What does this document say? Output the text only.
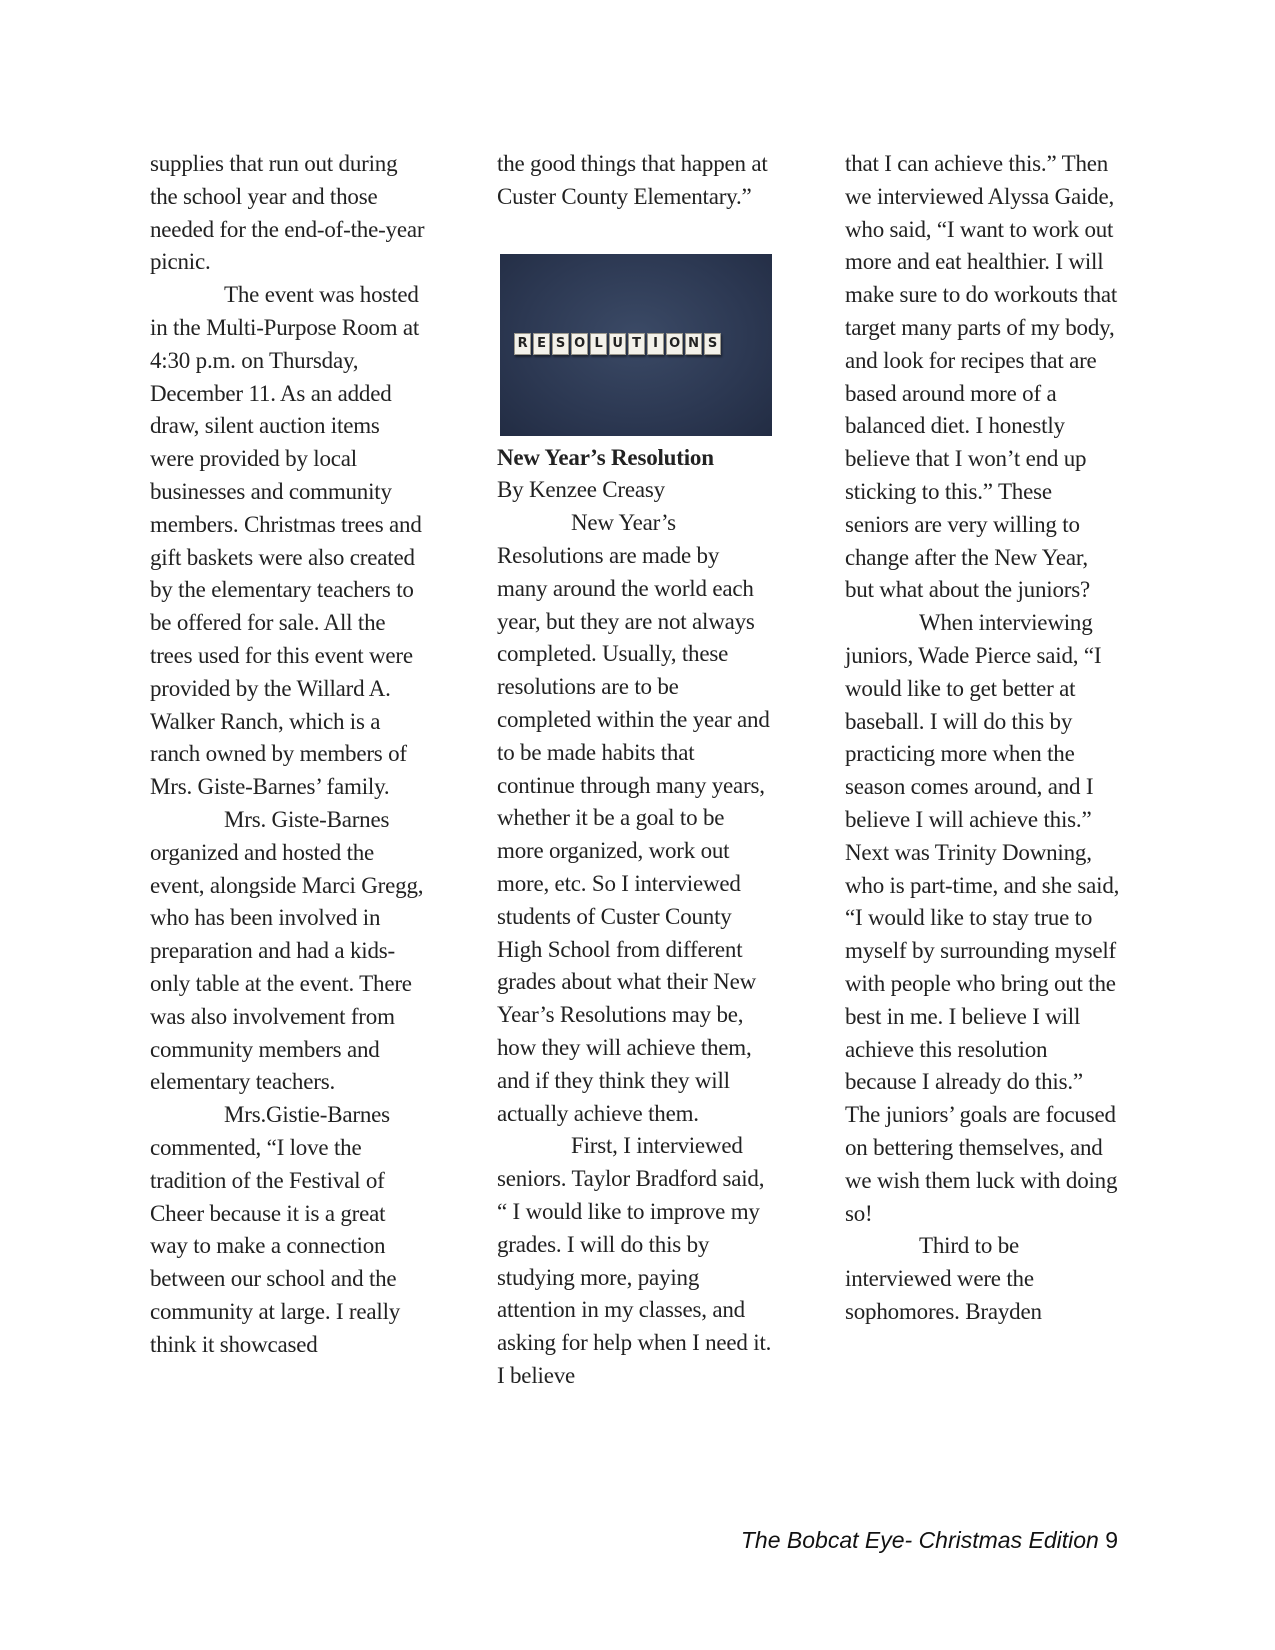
supplies that run out during the school year and those needed for the end-of-the-year picnic.

The event was hosted in the Multi-Purpose Room at 4:30 p.m. on Thursday, December 11. As an added draw, silent auction items were provided by local businesses and community members. Christmas trees and gift baskets were also created by the elementary teachers to be offered for sale. All the trees used for this event were provided by the Willard A. Walker Ranch, which is a ranch owned by members of Mrs. Giste-Barnes’ family.

Mrs. Giste-Barnes organized and hosted the event, alongside Marci Gregg, who has been involved in preparation and had a kids-only table at the event. There was also involvement from community members and elementary teachers.

Mrs.Gistie-Barnes commented, “I love the tradition of the Festival of Cheer because it is a great way to make a connection between our school and the community at large. I really think it showcased

the good things that happen at Custer County Elementary.”

R E S O L U T I O N S

New Year’s Resolution

By Kenzee Creasy

New Year’s Resolutions are made by many around the world each year, but they are not always completed. Usually, these resolutions are to be completed within the year and to be made habits that continue through many years, whether it be a goal to be more organized, work out more, etc. So I interviewed students of Custer County High School from different grades about what their New Year’s Resolutions may be, how they will achieve them, and if they think they will actually achieve them.

First, I interviewed seniors. Taylor Bradford said, “ I would like to improve my grades. I will do this by studying more, paying attention in my classes, and asking for help when I need it. I believe

that I can achieve this.” Then we interviewed Alyssa Gaide, who said, “I want to work out more and eat healthier. I will make sure to do workouts that target many parts of my body, and look for recipes that are based around more of a balanced diet. I honestly believe that I won’t end up sticking to this.” These seniors are very willing to change after the New Year, but what about the juniors?

When interviewing juniors, Wade Pierce said, “I would like to get better at baseball. I will do this by practicing more when the season comes around, and I believe I will achieve this.” Next was Trinity Downing, who is part-time, and she said, “I would like to stay true to myself by surrounding myself with people who bring out the best in me. I believe I will achieve this resolution because I already do this.” The juniors’ goals are focused on bettering themselves, and we wish them luck with doing so!

Third to be interviewed were the sophomores. Brayden

The Bobcat Eye- Christmas Edition 9
